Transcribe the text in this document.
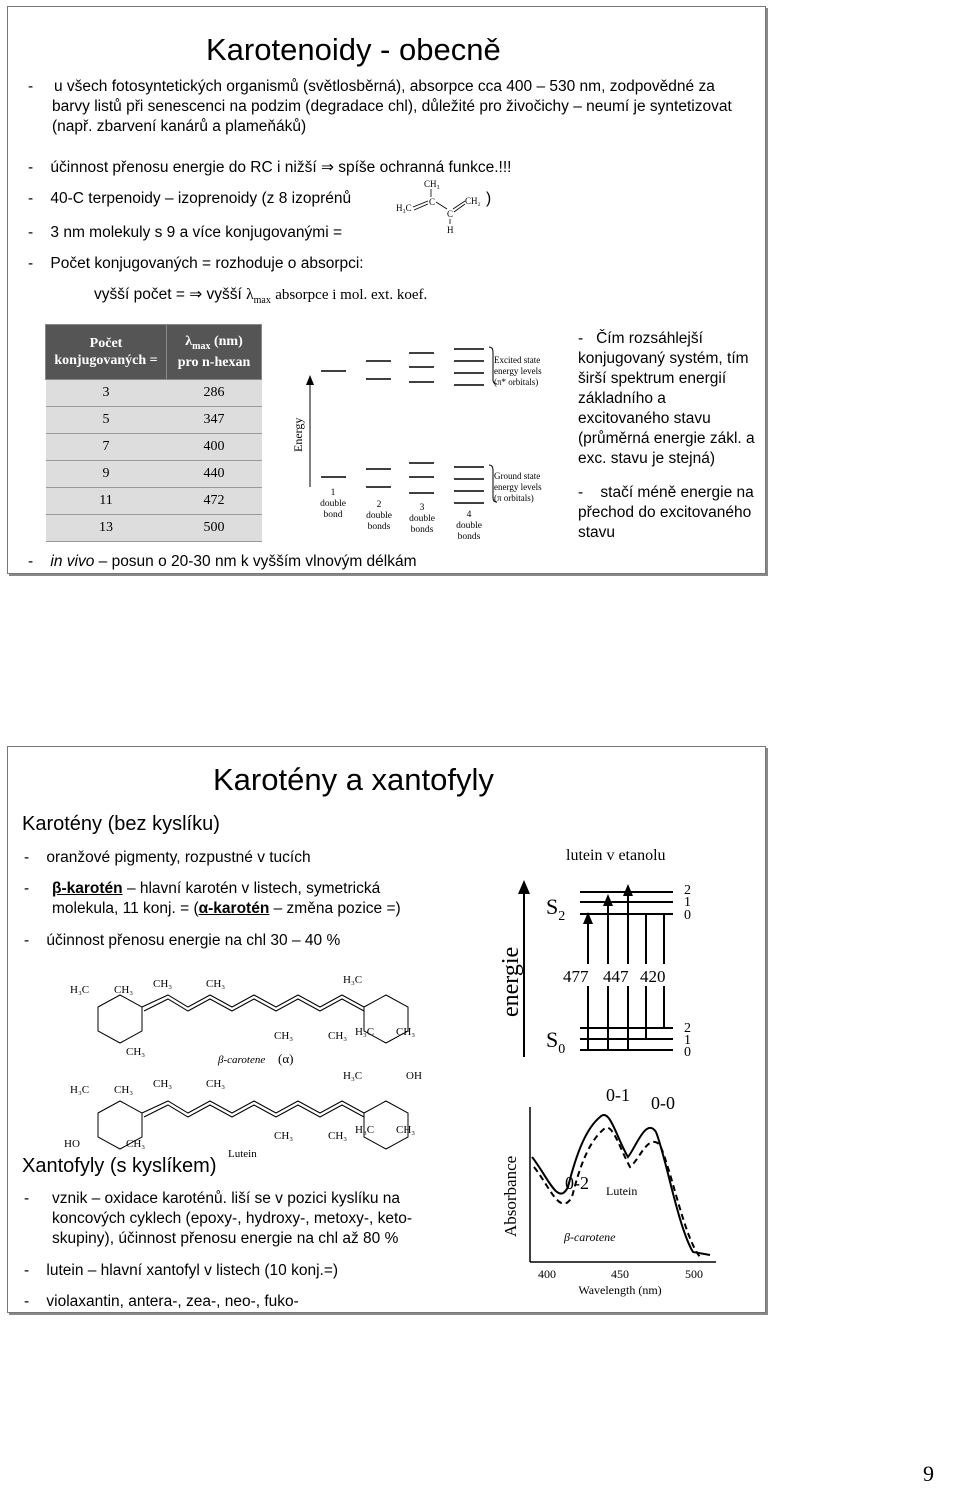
Karotenoidy - obecně
-	u všech fotosyntetických organismů (světlosběrná), absorpce cca 400 – 530 nm, zodpovědné za barvy listů při senescenci na podzim (degradace chl), důležité pro živočichy – neumí je syntetizovat (např. zbarvení kanárů a plameňáků)
-    účinnost přenosu energie do RC i nižší ⇒ spíše ochranná funkce.!!!
-    40-C terpenoidy – izoprenoidy (z 8 izoprénů	)
CH₃
H₃C
C
C
CH₂
H
-    3 nm molekuly s 9 a více konjugovanými =
-    Počet konjugovaných = rozhoduje o absorpci:
vyšší počet = ⇒ vyšší $\lambda_{max}$ absorpce i mol. ext. koef.
Počet konjugovaných =	$\lambda_{max}$ (nm)
pro n-hexan
3	286
5	347
7	400
9	440
11	472
13	500
Energy
Excited state
energy levels
(π* orbitals)
Ground state
energy levels
(π orbitals)
1
double
bond
2
double
bonds
3
double
bonds
4
double
bonds
-   Čím rozsáhlejší konjugovaný systém, tím širší spektrum energií základního a excitovaného stavu (průměrná energie zákl. a exc. stavu je stejná)
-    stačí méně energie na přechod do excitovaného stavu
-    in vivo – posun o 20-30 nm k vyšším vlnovým délkám
Karotény a xantofyly
Karotény (bez kyslíku)
-    oranžové pigmenty, rozpustné v tucích
-	β-karotén – hlavní karotén v listech, symetrická molekula, 11 konj. = (α-karotén – změna pozice =)
-    účinnost přenosu energie na chl 30 – 40 %
H₃C CH₃ CH₃	CH₃
CH₃
CH₃	CH₃
H₃C
H₃C CH₃
β-carotene (α)
H₃C CH₃ CH₃	CH₃
HO	CH₃
CH₃	CH₃
H₃C	OH
H₃C CH₃
Lutein
Xantofyly (s kyslíkem)
-	vznik – oxidace karoténů. liší se v pozici kyslíku na koncových cyklech (epoxy-, hydroxy-, metoxy-, keto-skupiny), účinnost přenosu energie na chl až 80 %
-    lutein – hlavní xantofyl v listech (10 konj.=)
-    violaxantin, antera-, zea-, neo-, fuko-
lutein v etanolu
energie
$S_2$
$S_0$
2
1
0
2
1
0
477 447 420
Absorbance	0-2
0-1 0-0
Lutein
β-carotene
400	450	500
Wavelength (nm)
9
